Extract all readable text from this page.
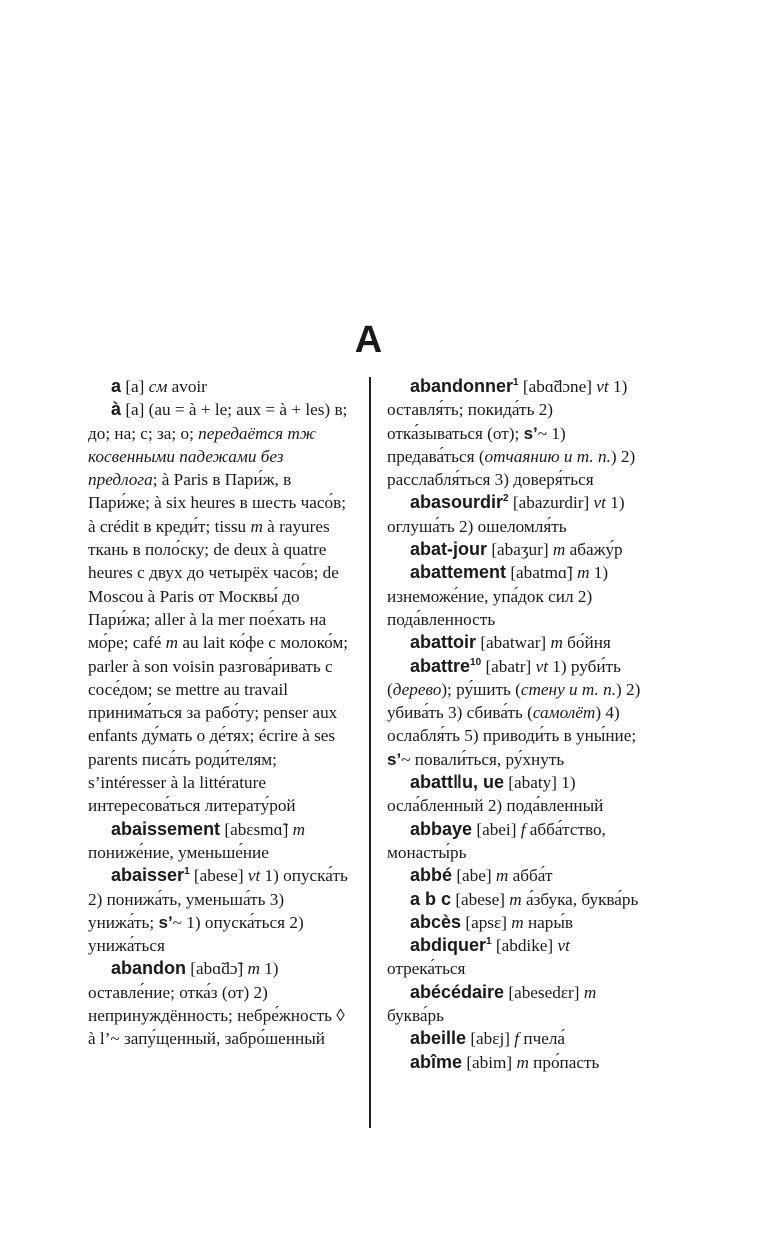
A

a [a] см avoir

à [a] (au = à + le; aux = à + les) в; до; на; с; за; о; передаётся тж косвенными падежами без предлога; à Paris в Пари́ж, в Пари́же; à six heures в шесть часо́в; à crédit в креди́т; tissu m à rayures ткань в поло́ску; de deux à quatre heures с двух до четырёх часо́в; de Moscou à Paris от Москвы́ до Пари́жа; aller à la mer пое́хать на мо́ре; café m au lait ко́фе с молоко́м; parler à son voisin разгова́ривать с сосе́дом; se mettre au travail принима́ться за рабо́ту; penser aux enfants ду́мать о де́тях; écrire à ses parents писа́ть роди́телям; s’intéresser à la littérature интересова́ться литерату́рой

abaissement [abɛsmɑ̃] m пониже́ние, уменьше́ние

abaisser$^1$ [abese] vt 1) опуска́ть 2) понижа́ть, уменьша́ть 3) унижа́ть; s’~ 1) опуска́ться 2) унижа́ться

abandon [abɑ̃dɔ̃] m 1) оставле́ние; отка́з (от) 2) непринуждённость; небре́жность ◊ à l’~ запу́щенный, забро́шенный

abandonner$^1$ [abɑ̃dɔne] vt 1) оставля́ть; покида́ть 2) отка́зываться (от); s’~ 1) предава́ться (отчаянию и т. п.) 2) расслабля́ться 3) доверя́ться

abasourdir$^2$ [abazurdir] vt 1) оглуша́ть 2) ошеломля́ть

abat-jour [abaʒur] m абажу́р

abattement [abatmɑ̃] m 1) изнеможе́ние, упа́док сил 2) пода́вленность

abattoir [abatwar] m бо́йня

abattre$^{10}$ [abatr] vt 1) руби́ть (дерево); ру́шить (стену и т. п.) 2) убива́ть 3) сбива́ть (самолёт) 4) ослабля́ть 5) приводи́ть в уны́ние; s’~ повали́ться, ру́хнуть

abatt‖u, ue [abaty] 1) осла́бленный 2) пода́вленный

abbaye [abei] f абба́тство, монасты́рь

abbé [abe] m абба́т

a b c [abese] m а́збука, буква́рь

abcès [apsɛ] m нары́в

abdiquer$^1$ [abdike] vt отрека́ться

abécédaire [abesedɛr] m буква́рь

abeille [abɛj] f пчела́

abîme [abim] m про́пасть
